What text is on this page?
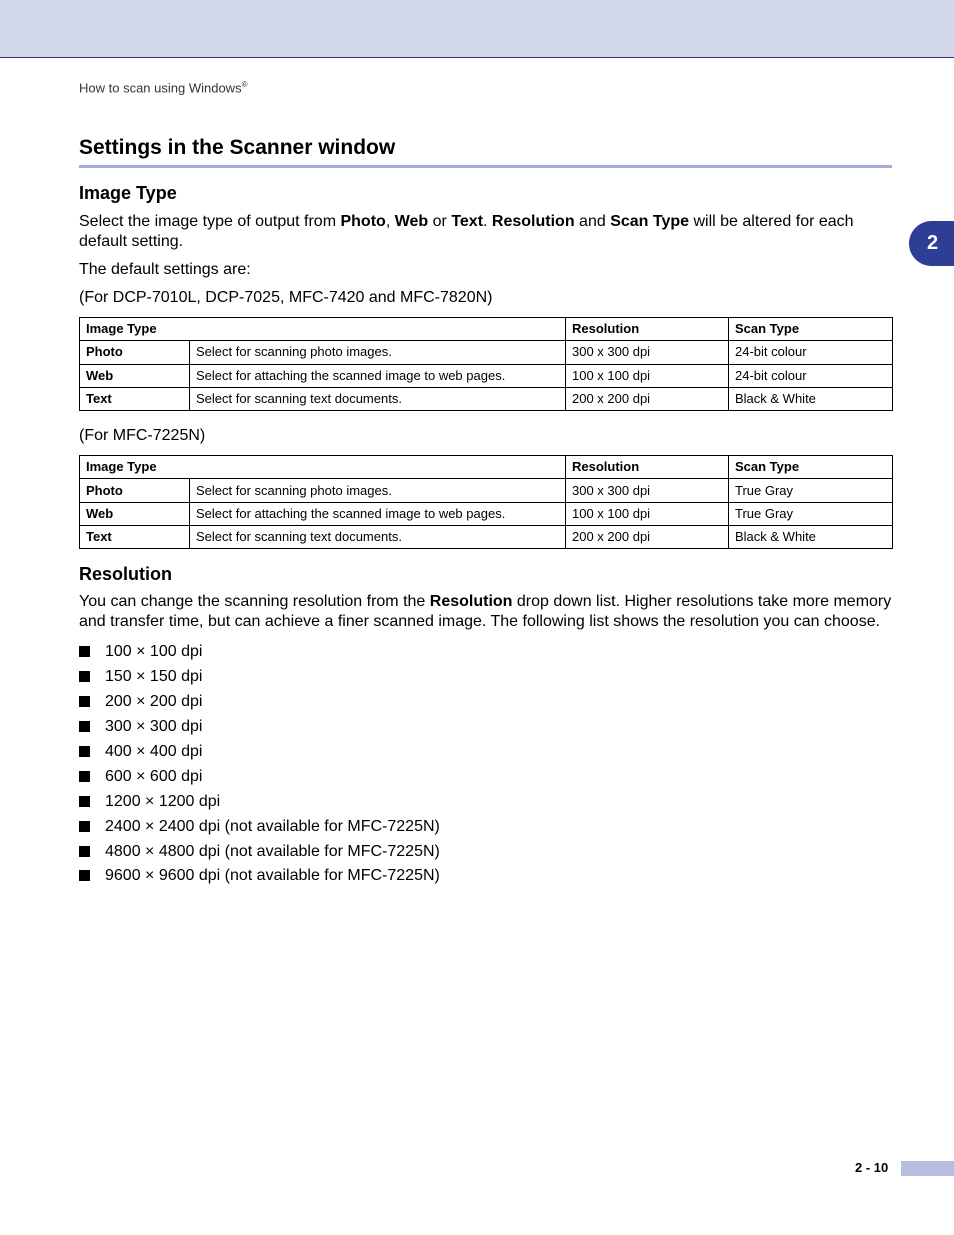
How to scan using Windows®
2
Settings in the Scanner window
Image Type

Select the image type of output from Photo, Web or Text. Resolution and Scan Type will be altered for each default setting.

The default settings are:

(For DCP-7010L, DCP-7025, MFC-7420 and MFC-7820N)

Image Type		Resolution	Scan Type
Photo	Select for scanning photo images.	300 x 300 dpi	24-bit colour
Web	Select for attaching the scanned image to web pages.	100 x 100 dpi	24-bit colour
Text	Select for scanning text documents.	200 x 200 dpi	Black & White

(For MFC-7225N)

Image Type		Resolution	Scan Type
Photo	Select for scanning photo images.	300 x 300 dpi	True Gray
Web	Select for attaching the scanned image to web pages.	100 x 100 dpi	True Gray
Text	Select for scanning text documents.	200 x 200 dpi	Black & White
Resolution

You can change the scanning resolution from the Resolution drop down list. Higher resolutions take more memory and transfer time, but can achieve a finer scanned image. The following list shows the resolution you can choose.

100 × 100 dpi
150 × 150 dpi
200 × 200 dpi
300 × 300 dpi
400 × 400 dpi
600 × 600 dpi
1200 × 1200 dpi
2400 × 2400 dpi (not available for MFC-7225N)
4800 × 4800 dpi (not available for MFC-7225N)
9600 × 9600 dpi (not available for MFC-7225N)
2 - 10
